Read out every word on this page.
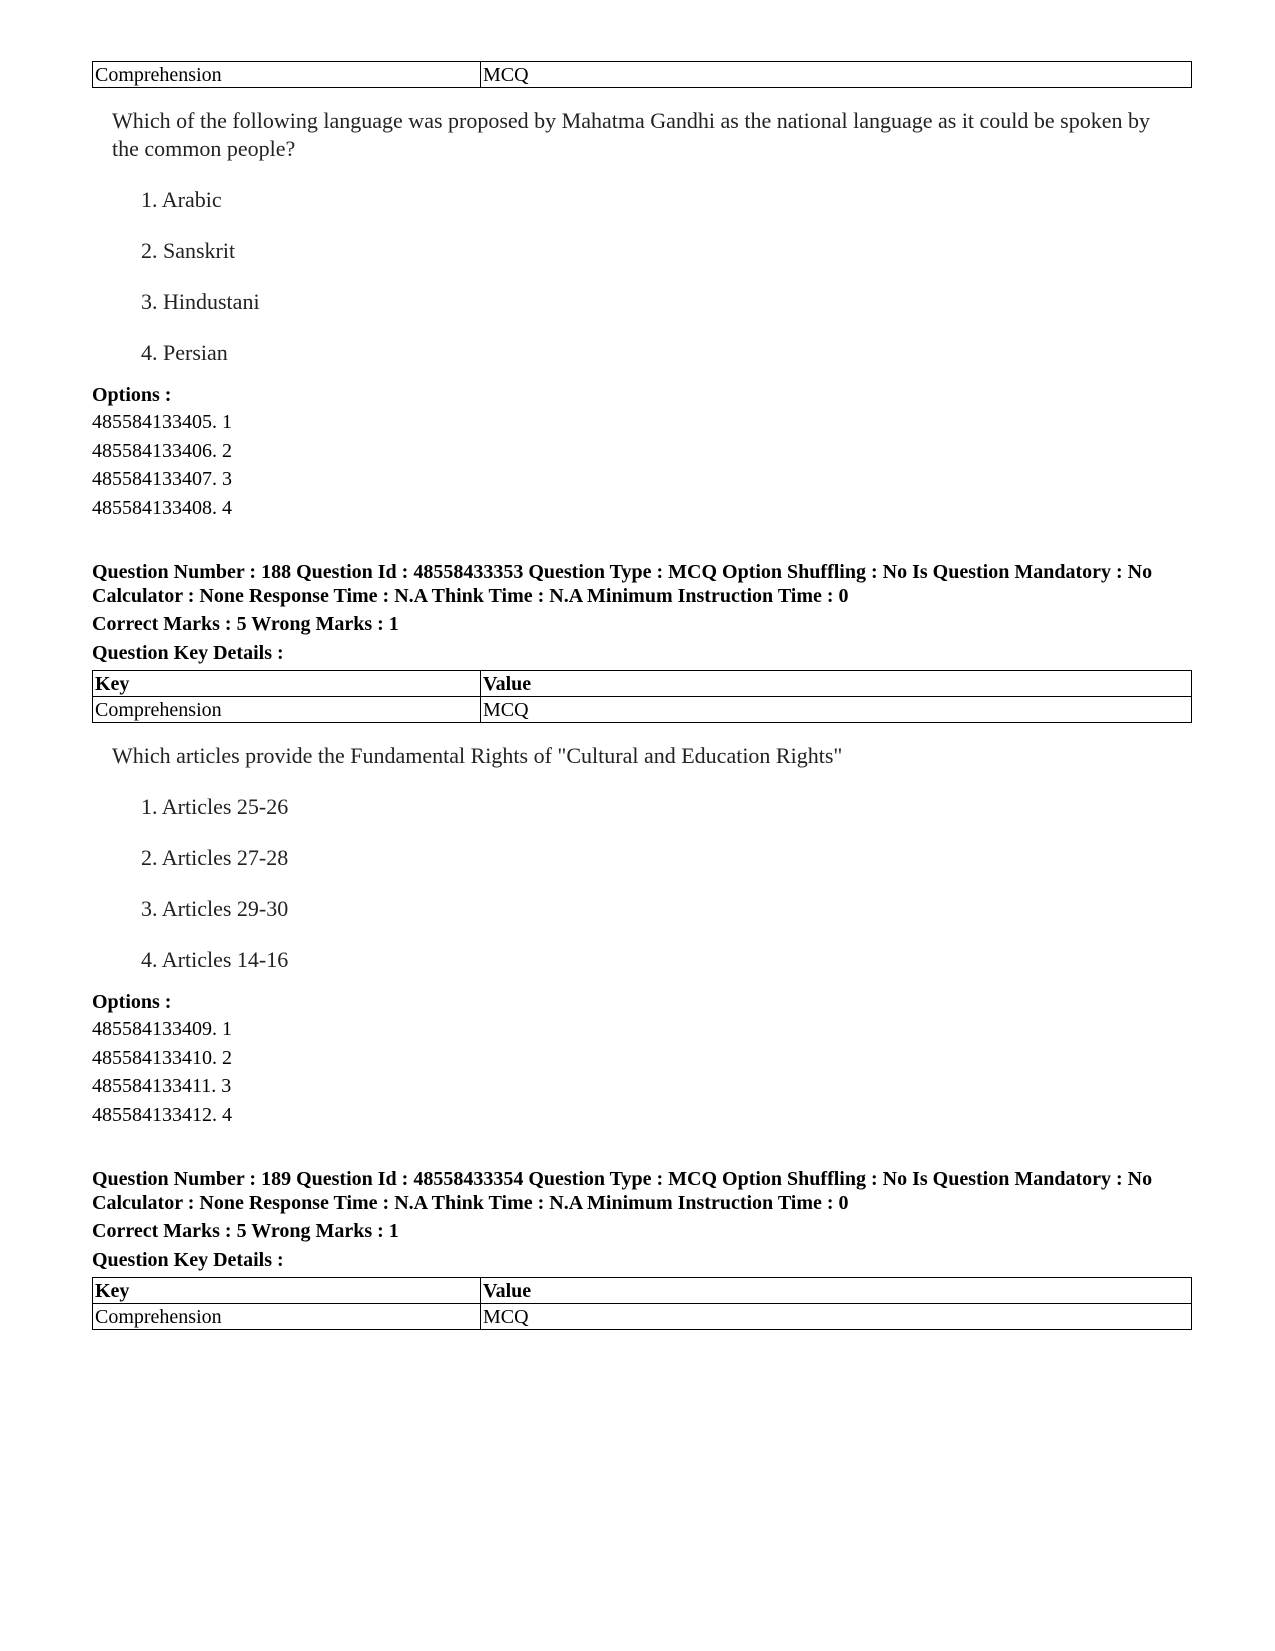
Comprehension	MCQ

Which of the following language was proposed by Mahatma Gandhi as the national language as it could be spoken by the common people?

1. Arabic
2. Sanskrit
3. Hindustani
4. Persian
Options :
485584133405. 1
485584133406. 2
485584133407. 3
485584133408. 4
Question Number : 188 Question Id : 48558433353 Question Type : MCQ Option Shuffling : No Is Question Mandatory : No Calculator : None Response Time : N.A Think Time : N.A Minimum Instruction Time : 0
Correct Marks : 5 Wrong Marks : 1
Question Key Details :
Key	Value
Comprehension	MCQ

Which articles provide the Fundamental Rights of "Cultural and Education Rights"

1. Articles 25-26
2. Articles 27-28
3. Articles 29-30
4. Articles 14-16
Options :
485584133409. 1
485584133410. 2
485584133411. 3
485584133412. 4
Question Number : 189 Question Id : 48558433354 Question Type : MCQ Option Shuffling : No Is Question Mandatory : No Calculator : None Response Time : N.A Think Time : N.A Minimum Instruction Time : 0
Correct Marks : 5 Wrong Marks : 1
Question Key Details :
Key	Value
Comprehension	MCQ
